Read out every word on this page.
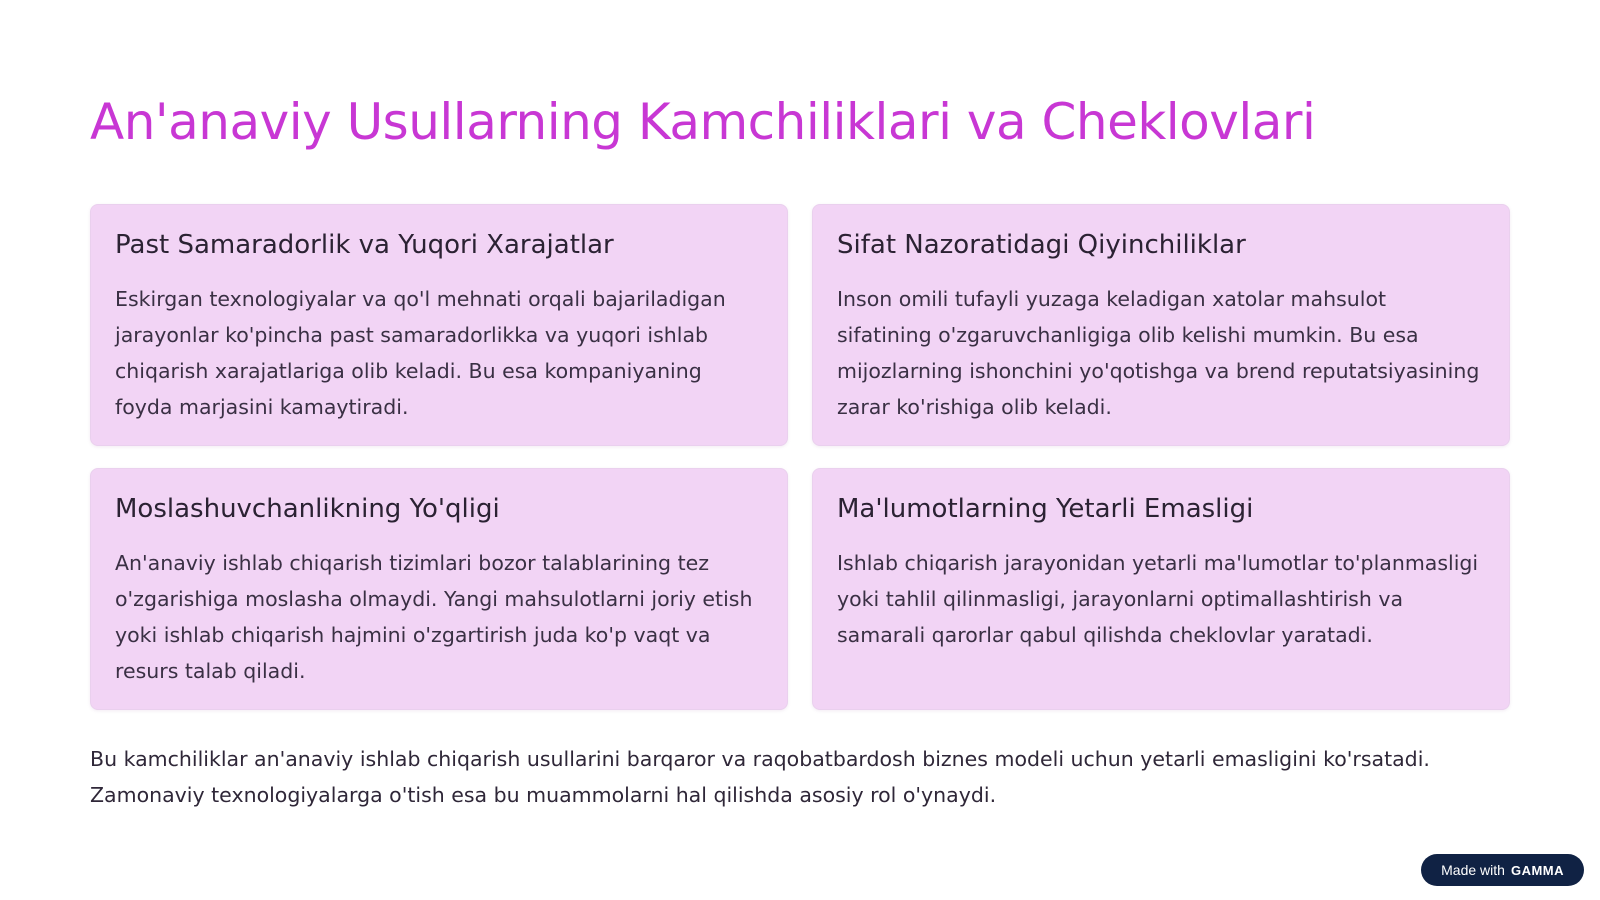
An'anaviy Usullarning Kamchiliklari va Cheklovlari
Past Samaradorlik va Yuqori Xarajatlar

Eskirgan texnologiyalar va qo'l mehnati orqali bajariladigan jarayonlar ko'pincha past samaradorlikka va yuqori ishlab chiqarish xarajatlariga olib keladi. Bu esa kompaniyaning foyda marjasini kamaytiradi.

Sifat Nazoratidagi Qiyinchiliklar

Inson omili tufayli yuzaga keladigan xatolar mahsulot sifatining o'zgaruvchanligiga olib kelishi mumkin. Bu esa mijozlarning ishonchini yo'qotishga va brend reputatsiyasining zarar ko'rishiga olib keladi.

Moslashuvchanlikning Yo'qligi

An'anaviy ishlab chiqarish tizimlari bozor talablarining tez o'zgarishiga moslasha olmaydi. Yangi mahsulotlarni joriy etish yoki ishlab chiqarish hajmini o'zgartirish juda ko'p vaqt va resurs talab qiladi.

Ma'lumotlarning Yetarli Emasligi

Ishlab chiqarish jarayonidan yetarli ma'lumotlar to'planmasligi yoki tahlil qilinmasligi, jarayonlarni optimallashtirish va samarali qarorlar qabul qilishda cheklovlar yaratadi.

Bu kamchiliklar an'anaviy ishlab chiqarish usullarini barqaror va raqobatbardosh biznes modeli uchun yetarli emasligini ko'rsatadi. Zamonaviy texnologiyalarga o'tish esa bu muammolarni hal qilishda asosiy rol o'ynaydi.

Made with GAMMA
